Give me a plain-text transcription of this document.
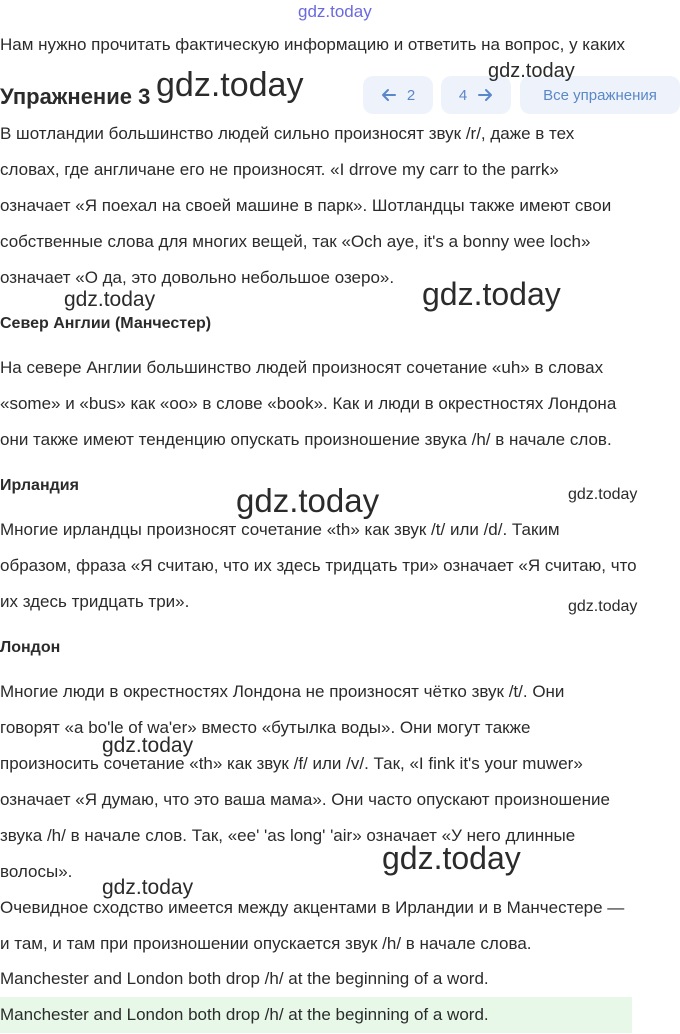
gdz.today
Нам нужно прочитать фактическую информацию и ответить на вопрос, у каких
Упражнение 3 gdz.today	2	4	Все упражнения
gdz.today
В шотландии большинство людей сильно произносят звук /r/, даже в тех
словах, где англичане его не произносят. «I drrove my carr to the parrk»
означает «Я поехал на своей машине в парк». Шотландцы также имеют свои
собственные слова для многих вещей, так «Och aye, it's a bonny wee loch»
означает «О да, это довольно небольшое озеро».
gdz.today	gdz.today
Север Англии (Манчестер)
На севере Англии большинство людей произносят сочетание «uh» в словах
«some» и «bus» как «oo» в слове «book». Как и люди в окрестностях Лондона
они также имеют тенденцию опускать произношение звука /h/ в начале слов.
Ирландия	gdz.today	gdz.today
Многие ирландцы произносят сочетание «th» как звук /t/ или /d/. Таким
образом, фраза «Я считаю, что их здесь тридцать три» означает «Я считаю, что
их здесь тридцать три».	gdz.today
Лондон
Многие люди в окрестностях Лондона не произносят чётко звук /t/. Они
говорят «a bo'le of wa'er» вместо «бутылка воды». Они могут также
gdz.today
произносить сочетание «th» как звук /f/ или /v/. Так, «I fink it's your muwer»
означает «Я думаю, что это ваша мама». Они часто опускают произношение
звука /h/ в начале слов. Так, «ee' 'as long' 'air» означает «У него длинные
gdz.today
волосы».
gdz.today
Очевидное сходство имеется между акцентами в Ирландии и в Манчестере —
и там, и там при произношении опускается звук /h/ в начале слова.
Manchester and London both drop /h/ at the beginning of a word.
Manchester and London both drop /h/ at the beginning of a word.
